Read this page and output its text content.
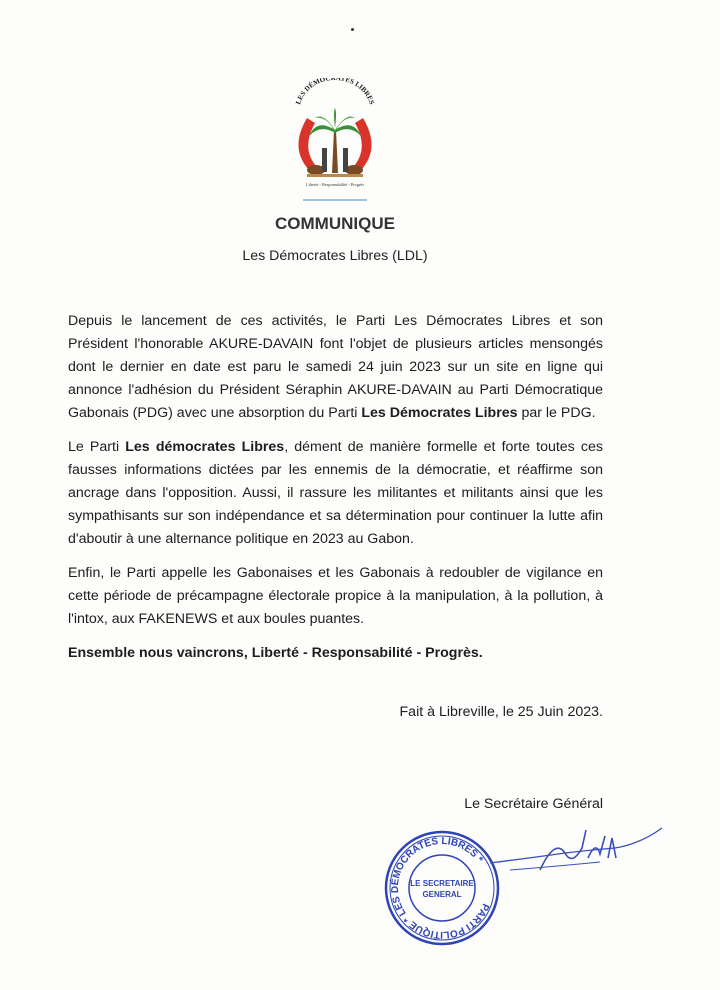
LES DÉMOCRATES LIBRES
Liberté - Responsabilité - Progrès
COMMUNIQUE
Les Démocrates Libres (LDL)

Depuis le lancement de ces activités, le Parti Les Démocrates Libres et son Président l'honorable AKURE-DAVAIN font l'objet de plusieurs articles mensongés dont le dernier en date est paru le samedi 24 juin 2023 sur un site en ligne qui annonce l'adhésion du Président Séraphin AKURE-DAVAIN au Parti Démocratique Gabonais (PDG) avec une absorption du Parti Les Démocrates Libres par le PDG.

Le Parti Les démocrates Libres, dément de manière formelle et forte toutes ces fausses informations dictées par les ennemis de la démocratie, et réaffirme son ancrage dans l'opposition. Aussi, il rassure les militantes et militants ainsi que les sympathisants sur son indépendance et sa détermination pour continuer la lutte afin d'aboutir à une alternance politique en 2023 au Gabon.

Enfin, le Parti appelle les Gabonaises et les Gabonais à redoubler de vigilance en cette période de précampagne électorale propice à la manipulation, à la pollution, à l'intox, aux FAKENEWS et aux boules puantes.

Ensemble nous vaincrons, Liberté - Responsabilité - Progrès.

Fait à Libreville, le 25 Juin 2023.
Le Secrétaire Général
PARTI POLITIQUE * LES DÉMOCRATES LIBRES *
LE SECRETAIRE
GENERAL
